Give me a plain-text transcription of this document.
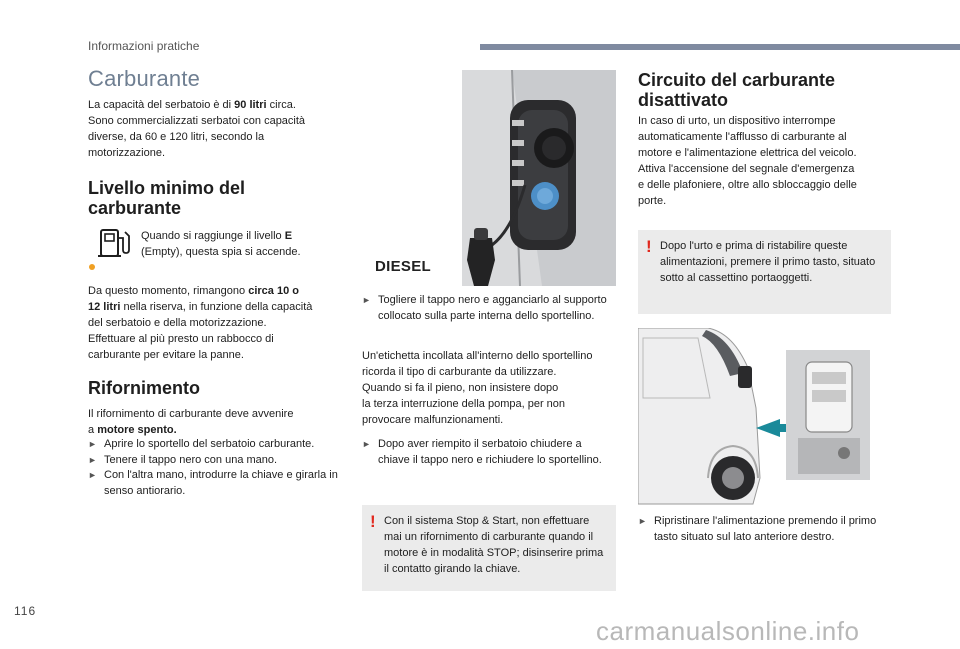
Informazioni pratiche
Carburante
La capacità del serbatoio è di 90 litri circa.
Sono commercializzati serbatoi con capacità
diverse, da 60 e 120 litri, secondo la
motorizzazione.
Livello minimo del
carburante
Quando si raggiunge il livello E
(Empty), questa spia si accende.
Da questo momento, rimangono circa 10 o
12 litri nella riserva, in funzione della capacità
del serbatoio e della motorizzazione.
Effettuare al più presto un rabbocco di
carburante per evitare la panne.
Rifornimento
Il rifornimento di carburante deve avvenire
a motore spento.
► Aprire lo sportello del serbatoio carburante.
► Tenere il tappo nero con una mano.
► Con l'altra mano, introdurre la chiave e girarla in senso antiorario.
DIESEL
► Togliere il tappo nero e agganciarlo al supporto collocato sulla parte interna dello sportellino.
Un'etichetta incollata all'interno dello sportellino
ricorda il tipo di carburante da utilizzare.
Quando si fa il pieno, non insistere dopo
la terza interruzione della pompa, per non
provocare malfunzionamenti.
► Dopo aver riempito il serbatoio chiudere a chiave il tappo nero e richiudere lo sportellino.
! Con il sistema Stop & Start, non effettuare mai un rifornimento di carburante quando il motore è in modalità STOP; disinserire prima il contatto girando la chiave.
Circuito del carburante
disattivato
In caso di urto, un dispositivo interrompe
automaticamente l'afflusso di carburante al
motore e l'alimentazione elettrica del veicolo.
Attiva l'accensione del segnale d'emergenza
e delle plafoniere, oltre allo sbloccaggio delle
porte.
! Dopo l'urto e prima di ristabilire queste alimentazioni, premere il primo tasto, situato sotto al cassettino portaoggetti.
► Ripristinare l'alimentazione premendo il primo tasto situato sul lato anteriore destro.
116
carmanualsonline.info
